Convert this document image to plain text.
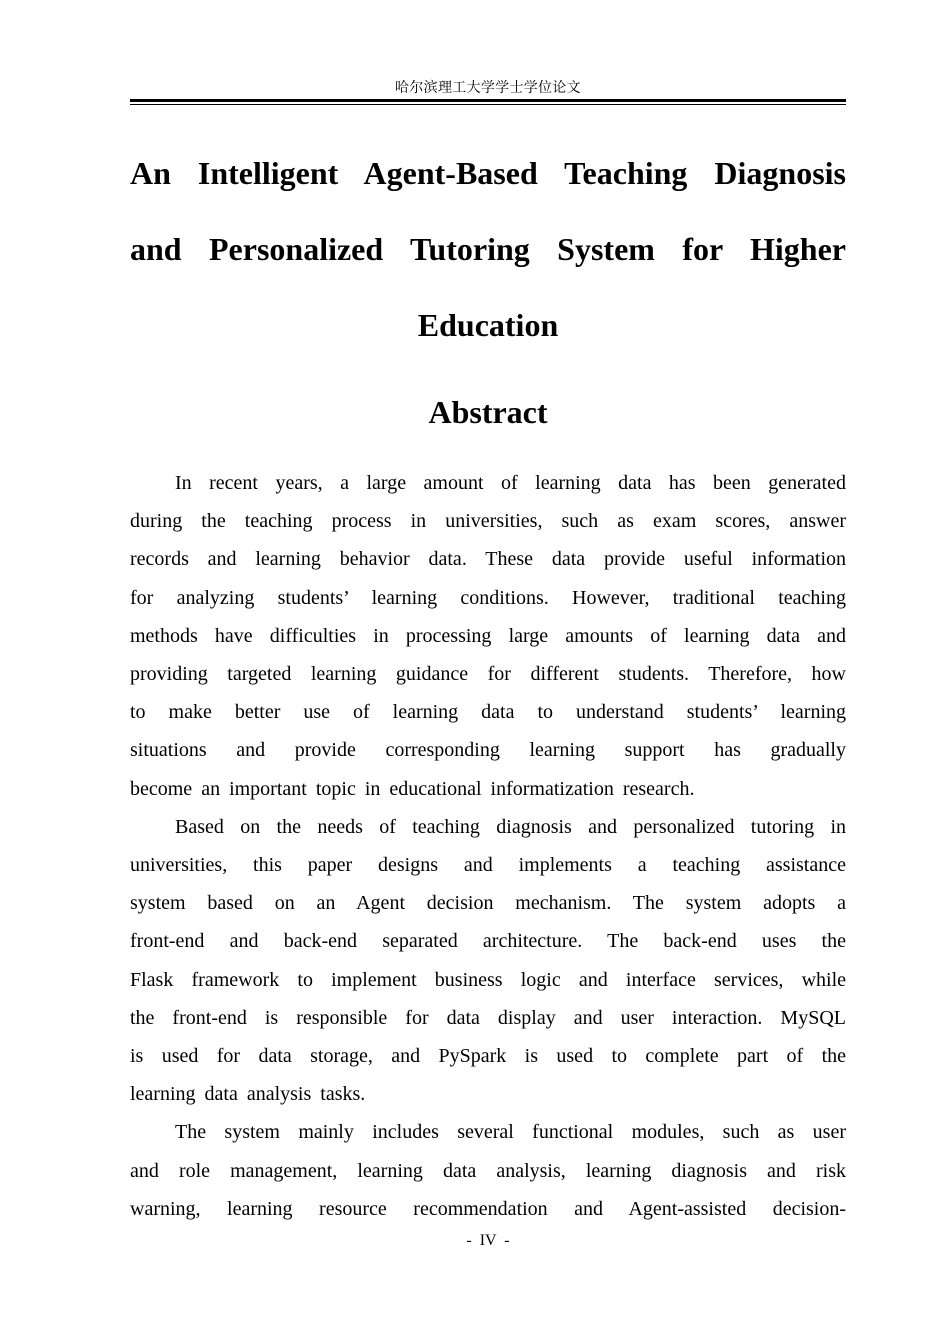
哈尔滨理工大学学士学位论文
An Intelligent Agent-Based Teaching Diagnosis
and Personalized Tutoring System for Higher
Education
Abstract

In recent years, a large amount of learning data has been generated
during the teaching process in universities, such as exam scores, answer
records and learning behavior data. These data provide useful information
for analyzing students’ learning conditions. However, traditional teaching
methods have difficulties in processing large amounts of learning data and
providing targeted learning guidance for different students. Therefore, how
to make better use of learning data to understand students’ learning
situations and provide corresponding learning support has gradually
become an important topic in educational informatization research.

Based on the needs of teaching diagnosis and personalized tutoring in
universities, this paper designs and implements a teaching assistance
system based on an Agent decision mechanism. The system adopts a
front-end and back-end separated architecture. The back-end uses the
Flask framework to implement business logic and interface services, while
the front-end is responsible for data display and user interaction. MySQL
is used for data storage, and PySpark is used to complete part of the
learning data analysis tasks.

The system mainly includes several functional modules, such as user
and role management, learning data analysis, learning diagnosis and risk
warning, learning resource recommendation and Agent-assisted decision-

- IV -
